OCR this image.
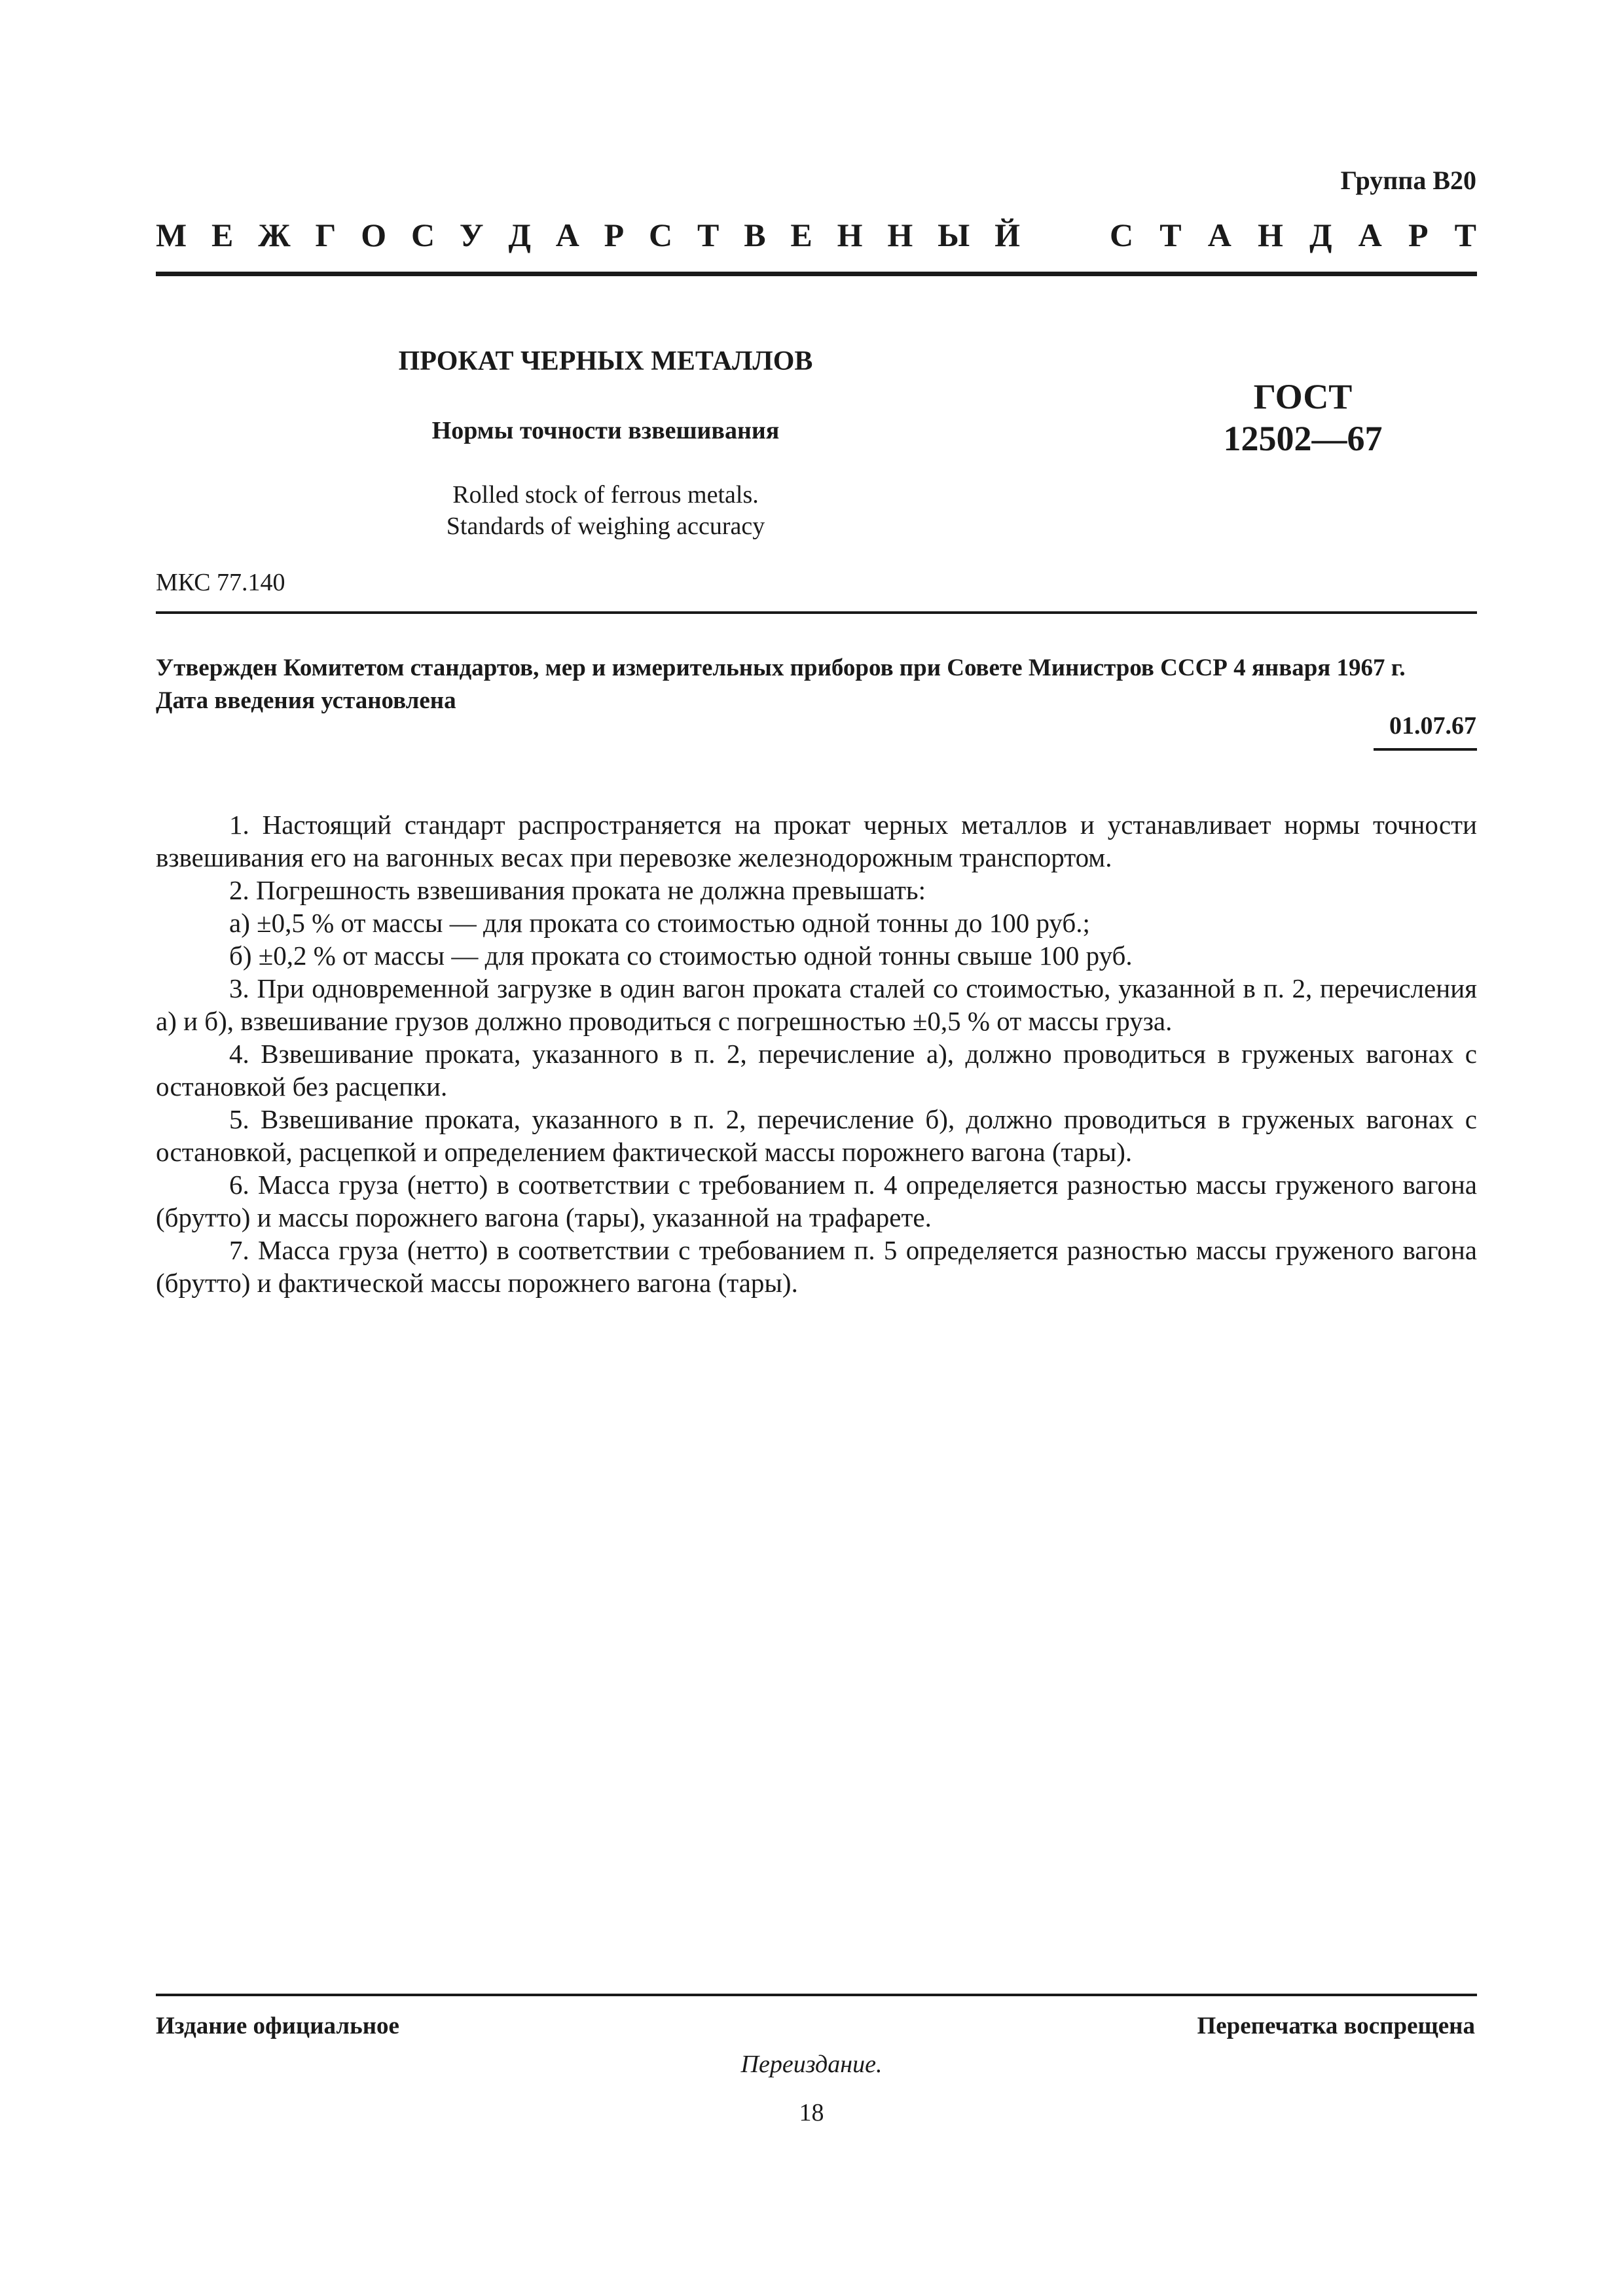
Группа В20
М Е Ж Г О С У Д А Р С Т В Е Н Н Ы Й	С Т А Н Д А Р Т
ПРОКАТ ЧЕРНЫХ МЕТАЛЛОВ
Нормы точности взвешивания
Rolled stock of ferrous metals.
Standards of weighing accuracy
ГОСТ
12502—67
МКС 77.140
Утвержден Комитетом стандартов, мер и измерительных приборов при Совете Министров СССР 4 января 1967 г.
Дата введения установлена
01.07.67

1. Настоящий стандарт распространяется на прокат черных металлов и устанавливает нормы точности взвешивания его на вагонных весах при перевозке железнодорожным транспортом.

2. Погрешность взвешивания проката не должна превышать:

а) ±0,5 % от массы — для проката со стоимостью одной тонны до 100 руб.;

б) ±0,2 % от массы — для проката со стоимостью одной тонны свыше 100 руб.

3. При одновременной загрузке в один вагон проката сталей со стоимостью, указанной в п. 2, перечисления а) и б), взвешивание грузов должно проводиться с погрешностью ±0,5 % от массы груза.

4. Взвешивание проката, указанного в п. 2, перечисление а), должно проводиться в груженых вагонах с остановкой без расцепки.

5. Взвешивание проката, указанного в п. 2, перечисление б), должно проводиться в груженых вагонах с остановкой, расцепкой и определением фактической массы порожнего вагона (тары).

6. Масса груза (нетто) в соответствии с требованием п. 4 определяется разностью массы груженого вагона (брутто) и массы порожнего вагона (тары), указанной на трафарете.

7. Масса груза (нетто) в соответствии с требованием п. 5 определяется разностью массы груженого вагона (брутто) и фактической массы порожнего вагона (тары).

Издание официальное	Перепечатка воспрещена
Переиздание.
18
